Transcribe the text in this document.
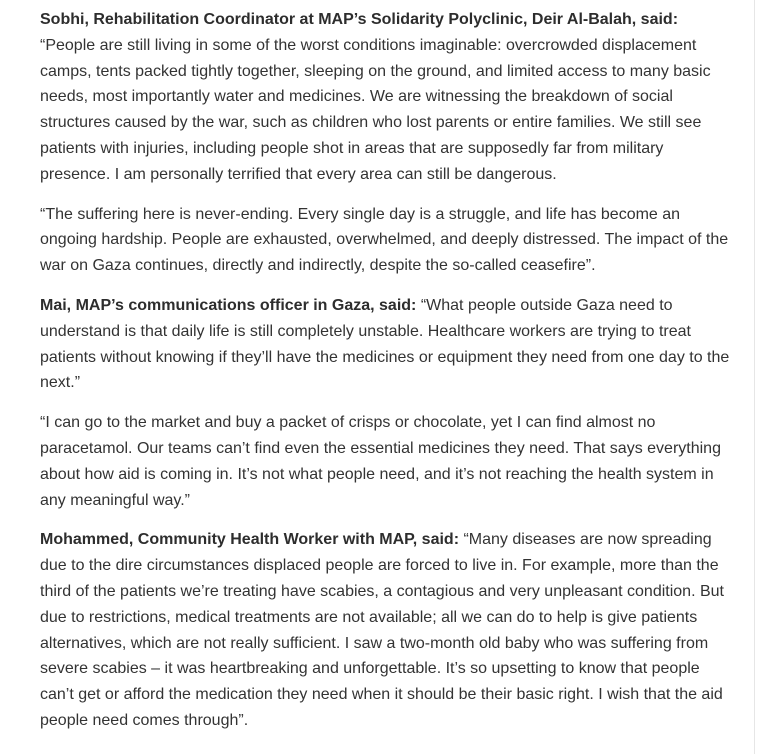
Sobhi, Rehabilitation Coordinator at MAP’s Solidarity Polyclinic, Deir Al-Balah, said: “People are still living in some of the worst conditions imaginable: overcrowded displacement camps, tents packed tightly together, sleeping on the ground, and limited access to many basic needs, most importantly water and medicines. We are witnessing the breakdown of social structures caused by the war, such as children who lost parents or entire families. We still see patients with injuries, including people shot in areas that are supposedly far from military presence. I am personally terrified that every area can still be dangerous.

“The suffering here is never-ending. Every single day is a struggle, and life has become an ongoing hardship. People are exhausted, overwhelmed, and deeply distressed. The impact of the war on Gaza continues, directly and indirectly, despite the so-called ceasefire”.

Mai, MAP’s communications officer in Gaza, said: “What people outside Gaza need to understand is that daily life is still completely unstable. Healthcare workers are trying to treat patients without knowing if they’ll have the medicines or equipment they need from one day to the next.”

“I can go to the market and buy a packet of crisps or chocolate, yet I can find almost no paracetamol. Our teams can’t find even the essential medicines they need. That says everything about how aid is coming in. It’s not what people need, and it’s not reaching the health system in any meaningful way.”

Mohammed, Community Health Worker with MAP, said: “Many diseases are now spreading due to the dire circumstances displaced people are forced to live in. For example, more than the third of the patients we’re treating have scabies, a contagious and very unpleasant condition. But due to restrictions, medical treatments are not available; all we can do to help is give patients alternatives, which are not really sufficient. I saw a two-month old baby who was suffering from severe scabies – it was heartbreaking and unforgettable. It’s so upsetting to know that people can’t get or afford the medication they need when it should be their basic right. I wish that the aid people need comes through”.
